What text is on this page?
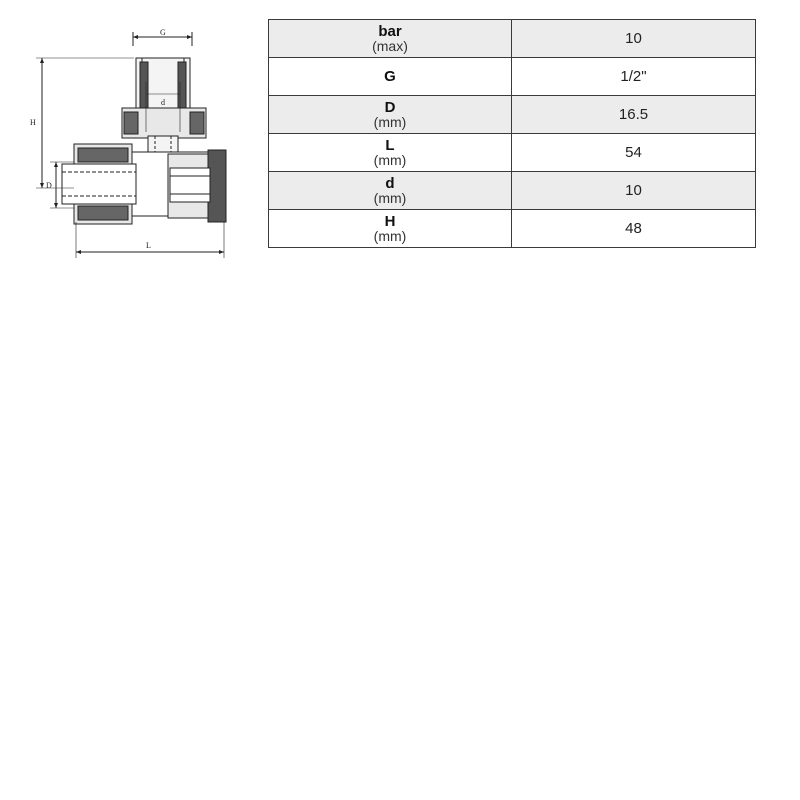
G
d
H
D
L
bar
(max)	10

G	1/2"

D
(mm)	16.5

L
(mm)	54

d
(mm)	10

H
(mm)	48
